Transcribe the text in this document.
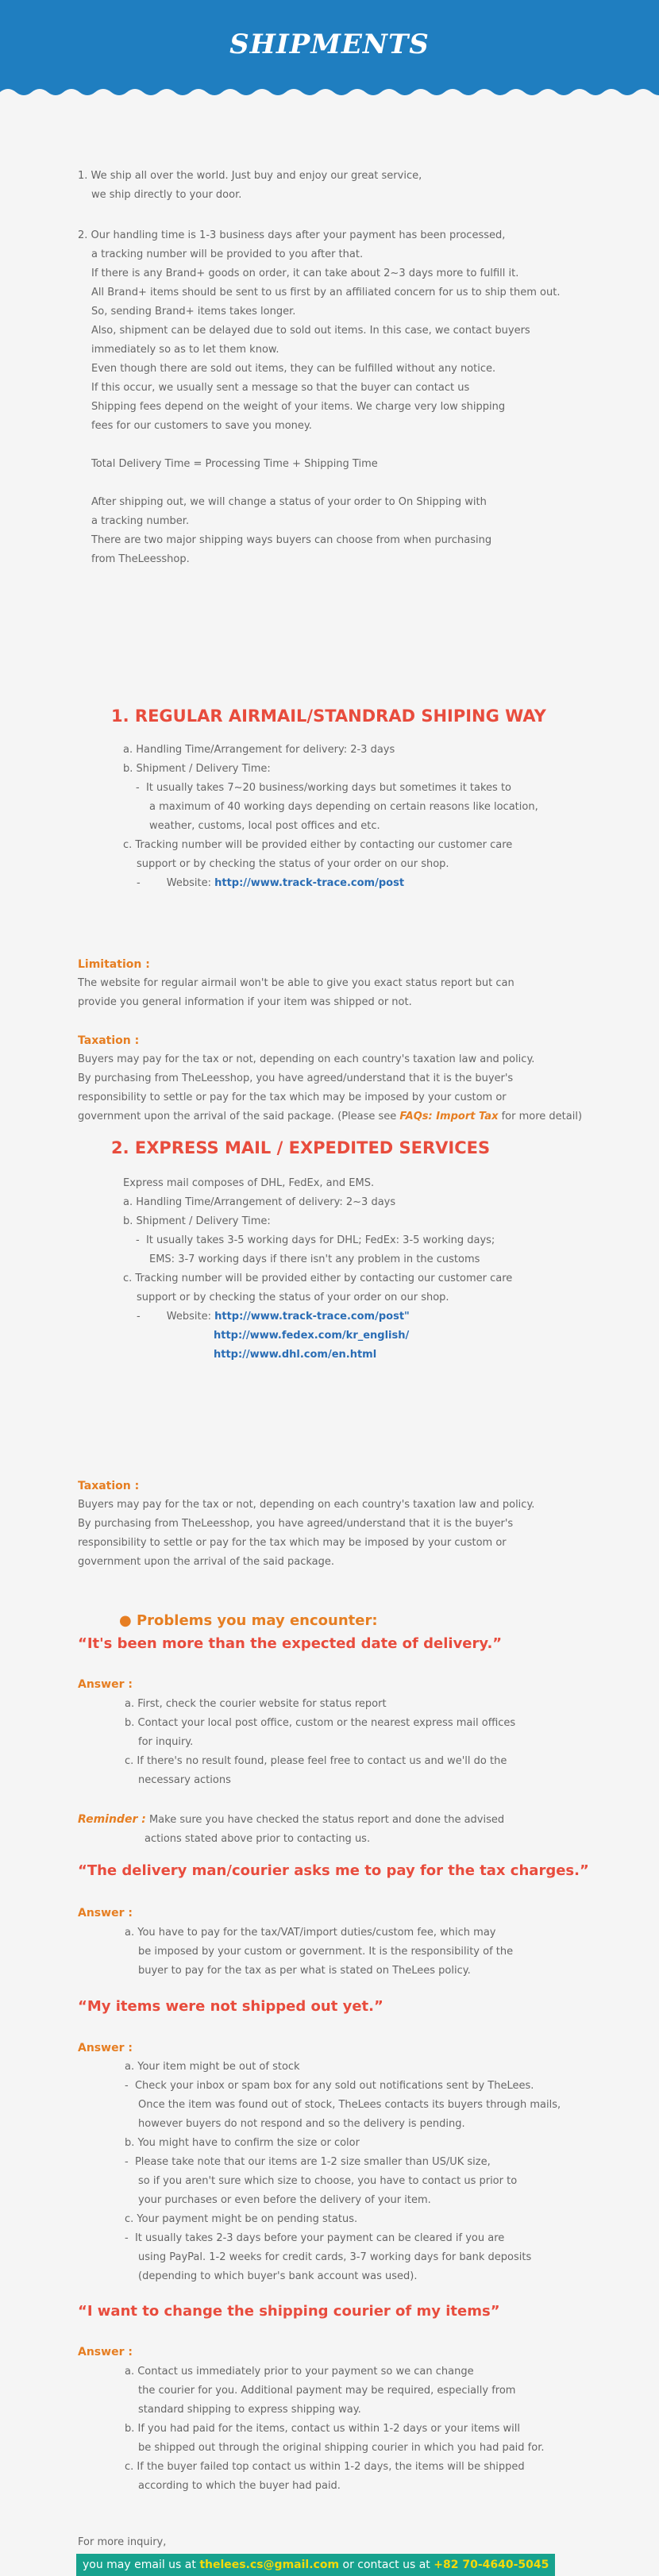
SHIPMENTS

1. We ship all over the world. Just buy and enjoy our great service,

we ship directly to your door.

2. Our handling time is 1-3 business days after your payment has been processed,

a tracking number will be provided to you after that.

If there is any Brand+ goods on order, it can take about 2~3 days more to fulfill it.

All Brand+ items should be sent to us first by an affiliated concern for us to ship them out.

So, sending Brand+ items takes longer.

Also, shipment can be delayed due to sold out items. In this case, we contact buyers

immediately so as to let them know.

Even though there are sold out items, they can be fulfilled without any notice.

If this occur, we usually sent a message so that the buyer can contact us

Shipping fees depend on the weight of your items. We charge very low shipping

fees for our customers to save you money.

Total Delivery Time = Processing Time + Shipping Time

After shipping out, we will change a status of your order to On Shipping with

a tracking number.

There are two major shipping ways buyers can choose from when purchasing

from TheLeesshop.

1. REGULAR AIRMAIL/STANDRAD SHIPING WAY

a. Handling Time/Arrangement for delivery: 2-3 days

b. Shipment / Delivery Time:

-  It usually takes 7~20 business/working days but sometimes it takes to

a maximum of 40 working days depending on certain reasons like location,

weather, customs, local post offices and etc.

c. Tracking number will be provided either by contacting our customer care

support or by checking the status of your order on our shop.

-        Website: http://www.track-trace.com/post

Limitation :

The website for regular airmail won't be able to give you exact status report but can

provide you general information if your item was shipped or not.

Taxation :

Buyers may pay for the tax or not, depending on each country's taxation law and policy.

By purchasing from TheLeesshop, you have agreed/understand that it is the buyer's

responsibility to settle or pay for the tax which may be imposed by your custom or

government upon the arrival of the said package. (Please see FAQs: Import Tax for more detail)

2. EXPRESS MAIL / EXPEDITED SERVICES

Express mail composes of DHL, FedEx, and EMS.

a. Handling Time/Arrangement of delivery: 2~3 days

b. Shipment / Delivery Time:

-  It usually takes 3-5 working days for DHL; FedEx: 3-5 working days;

EMS: 3-7 working days if there isn't any problem in the customs

c. Tracking number will be provided either by contacting our customer care

support or by checking the status of your order on our shop.

-        Website: http://www.track-trace.com/post"

http://www.fedex.com/kr_english/

http://www.dhl.com/en.html

Taxation :

Buyers may pay for the tax or not, depending on each country's taxation law and policy.

By purchasing from TheLeesshop, you have agreed/understand that it is the buyer's

responsibility to settle or pay for the tax which may be imposed by your custom or

government upon the arrival of the said package.

● Problems you may encounter:

“It's been more than the expected date of delivery.”

Answer :

a. First, check the courier website for status report

b. Contact your local post office, custom or the nearest express mail offices

for inquiry.

c. If there's no result found, please feel free to contact us and we'll do the

necessary actions

Reminder : Make sure you have checked the status report and done the advised

actions stated above prior to contacting us.

“The delivery man/courier asks me to pay for the tax charges.”

Answer :

a. You have to pay for the tax/VAT/import duties/custom fee, which may

be imposed by your custom or government. It is the responsibility of the

buyer to pay for the tax as per what is stated on TheLees policy.

“My items were not shipped out yet.”

Answer :

a. Your item might be out of stock

-  Check your inbox or spam box for any sold out notifications sent by TheLees.

Once the item was found out of stock, TheLees contacts its buyers through mails,

however buyers do not respond and so the delivery is pending.

b. You might have to confirm the size or color

-  Please take note that our items are 1-2 size smaller than US/UK size,

so if you aren't sure which size to choose, you have to contact us prior to

your purchases or even before the delivery of your item.

c. Your payment might be on pending status.

-  It usually takes 2-3 days before your payment can be cleared if you are

using PayPal. 1-2 weeks for credit cards, 3-7 working days for bank deposits

(depending to which buyer's bank account was used).

“I want to change the shipping courier of my items”

Answer :

a. Contact us immediately prior to your payment so we can change

the courier for you. Additional payment may be required, especially from

standard shipping to express shipping way.

b. If you had paid for the items, contact us within 1-2 days or your items will

be shipped out through the original shipping courier in which you had paid for.

c. If the buyer failed top contact us within 1-2 days, the items will be shipped

according to which the buyer had paid.

For more inquiry,

you may email us at thelees.cs@gmail.com or contact us at +82 70-4640-5045
